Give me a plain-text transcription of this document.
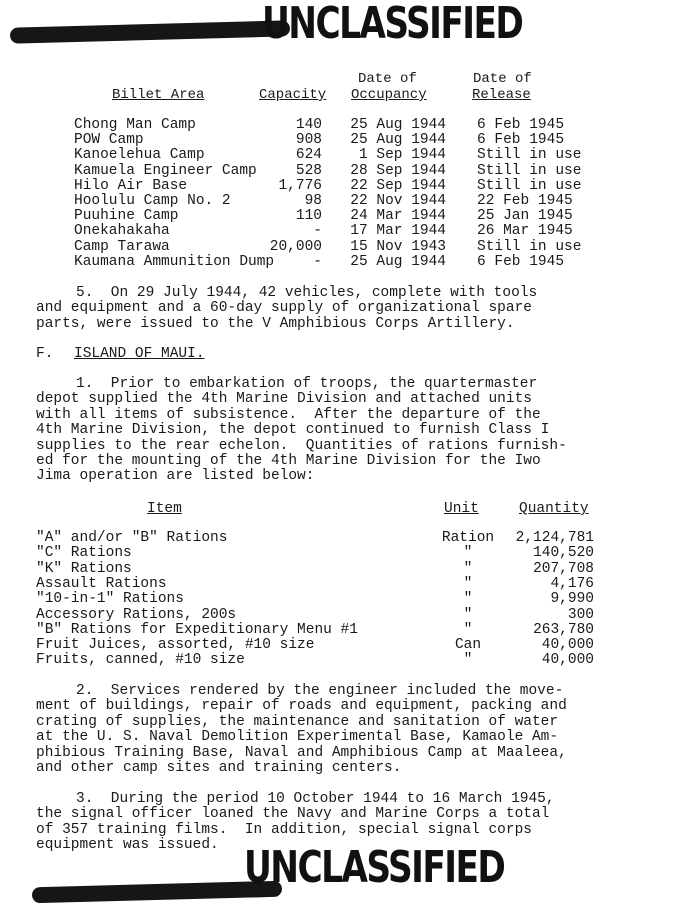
UNCLASSIFIED
Billet Area	Capacity
Date of
Occupancy
Date of
Release
Chong Man Camp	140	25 Aug 1944 6 Feb 1945
POW Camp	908	25 Aug 1944 6 Feb 1945
Kanoelehua Camp	624	1 Sep 1944 Still in use
Kamuela Engineer Camp	528	28 Sep 1944 Still in use
Hilo Air Base	1,776	22 Sep 1944 Still in use
Hoolulu Camp No. 2	98	22 Nov 1944 22 Feb 1945
Puuhine Camp	110	24 Mar 1944 25 Jan 1945
Onekahakaha	-	17 Mar 1944 26 Mar 1945
Camp Tarawa	20,000	15 Nov 1943 Still in use
Kaumana Ammunition Dump	-	25 Aug 1944 6 Feb 1945
5.  On 29 July 1944, 42 vehicles, complete with tools
and equipment and a 60-day supply of organizational spare
parts, were issued to the V Amphibious Corps Artillery.
F. ISLAND OF MAUI.
1.  Prior to embarkation of troops, the quartermaster
depot supplied the 4th Marine Division and attached units
with all items of subsistence.  After the departure of the
4th Marine Division, the depot continued to furnish Class I
supplies to the rear echelon.  Quantities of rations furnish-
ed for the mounting of the 4th Marine Division for the Iwo
Jima operation are listed below:
Item	Unit	Quantity
"A" and/or "B" Rations	Ration	2,124,781
"C" Rations	"	140,520
"K" Rations	"	207,708
Assault Rations	"	4,176
"10-in-1" Rations	"	9,990
Accessory Rations, 200s	"	300
"B" Rations for Expeditionary Menu #1	"	263,780
Fruit Juices, assorted, #10 size	Can	40,000
Fruits, canned, #10 size	"	40,000
2.  Services rendered by the engineer included the move-
ment of buildings, repair of roads and equipment, packing and
crating of supplies, the maintenance and sanitation of water
at the U. S. Naval Demolition Experimental Base, Kamaole Am-
phibious Training Base, Naval and Amphibious Camp at Maaleea,
and other camp sites and training centers.
3.  During the period 10 October 1944 to 16 March 1945,
the signal officer loaned the Navy and Marine Corps a total
of 357 training films.  In addition, special signal corps
equipment was issued. UNCLASSIFIED
